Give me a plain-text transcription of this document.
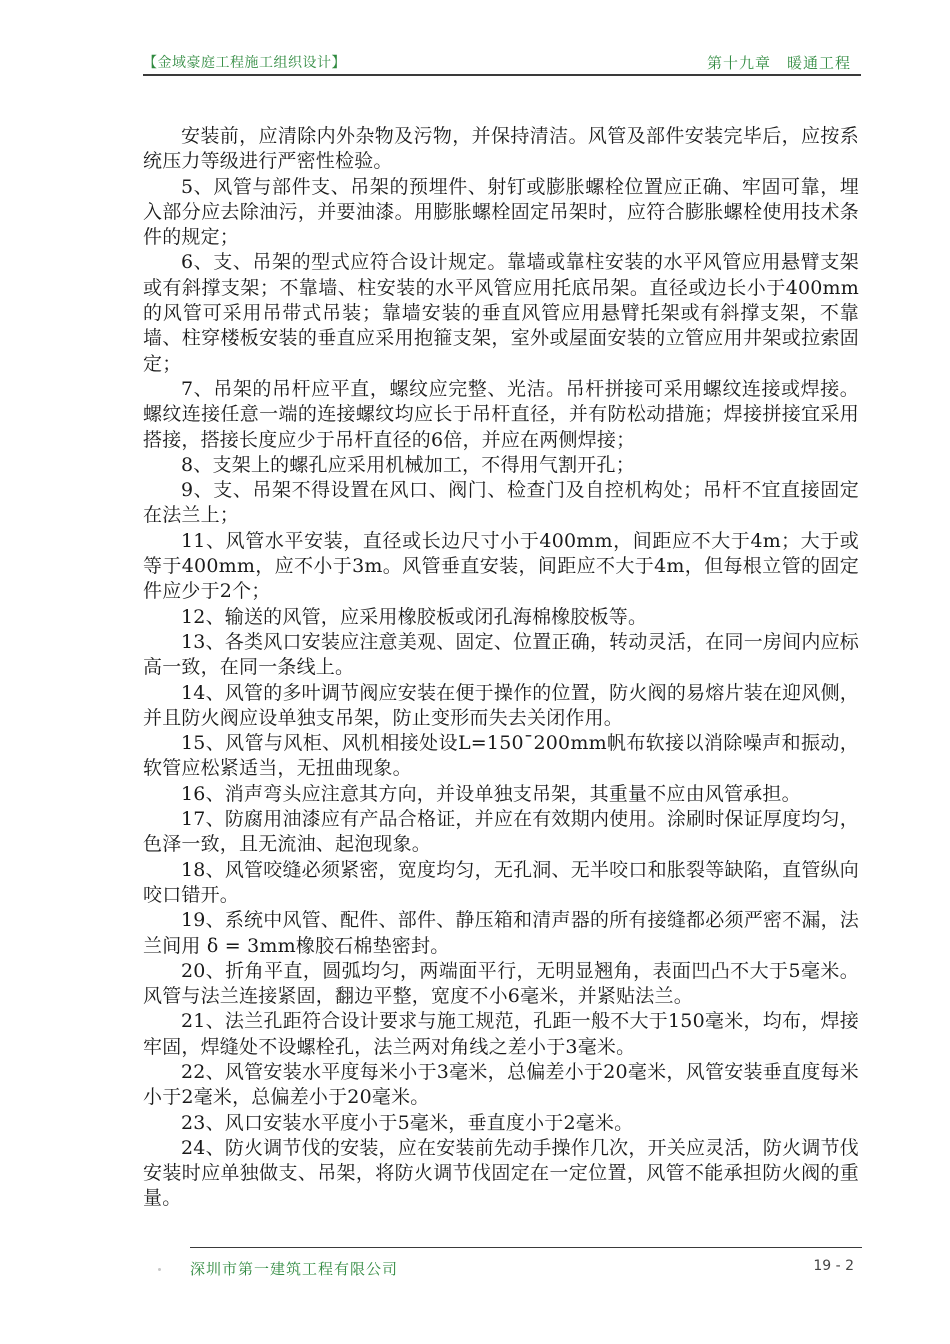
【金域豪庭工程施工组织设计】	第十九章　暖通工程

安装前，应清除内外杂物及污物，并保持清洁。风管及部件安装完毕后，应按系统压力等级进行严密性检验。

5、风管与部件支、吊架的预埋件、射钉或膨胀螺栓位置应正确、牢固可靠，埋入部分应去除油污，并要油漆。用膨胀螺栓固定吊架时，应符合膨胀螺栓使用技术条件的规定；

6、支、吊架的型式应符合设计规定。靠墙或靠柱安装的水平风管应用悬臂支架或有斜撑支架；不靠墙、柱安装的水平风管应用托底吊架。直径或边长小于400mm的风管可采用吊带式吊装；靠墙安装的垂直风管应用悬臂托架或有斜撑支架，不靠墙、柱穿楼板安装的垂直应采用抱箍支架，室外或屋面安装的立管应用井架或拉索固定；

7、吊架的吊杆应平直，螺纹应完整、光洁。吊杆拼接可采用螺纹连接或焊接。螺纹连接任意一端的连接螺纹均应长于吊杆直径，并有防松动措施；焊接拼接宜采用搭接，搭接长度应少于吊杆直径的6倍，并应在两侧焊接；

8、支架上的螺孔应采用机械加工，不得用气割开孔；

9、支、吊架不得设置在风口、阀门、检查门及自控机构处；吊杆不宜直接固定在法兰上；

11、风管水平安装，直径或长边尺寸小于400mm，间距应不大于4m；大于或等于400mm，应不小于3m。风管垂直安装，间距应不大于4m，但每根立管的固定件应少于2个；

12、输送的风管，应采用橡胶板或闭孔海棉橡胶板等。

13、各类风口安装应注意美观、固定、位置正确，转动灵活，在同一房间内应标高一致，在同一条线上。

14、风管的多叶调节阀应安装在便于操作的位置，防火阀的易熔片装在迎风侧，并且防火阀应设单独支吊架，防止变形而失去关闭作用。

15、风管与风柜、风机相接处设L=150¯200mm帆布软接以消除噪声和振动，软管应松紧适当，无扭曲现象。

16、消声弯头应注意其方向，并设单独支吊架，其重量不应由风管承担。

17、防腐用油漆应有产品合格证，并应在有效期内使用。涂刷时保证厚度均匀，色泽一致，且无流油、起泡现象。

18、风管咬缝必须紧密，宽度均匀，无孔洞、无半咬口和胀裂等缺陷，直管纵向咬口错开。

19、系统中风管、配件、部件、静压箱和清声器的所有接缝都必须严密不漏，法兰间用 δ = 3mm橡胶石棉垫密封。

20、折角平直，圆弧均匀，两端面平行，无明显翘角，表面凹凸不大于5毫米。风管与法兰连接紧固，翻边平整，宽度不小6毫米，并紧贴法兰。

21、法兰孔距符合设计要求与施工规范，孔距一般不大于150毫米，均布，焊接牢固，焊缝处不设螺栓孔，法兰两对角线之差小于3毫米。

22、风管安装水平度每米小于3毫米，总偏差小于20毫米，风管安装垂直度每米小于2毫米，总偏差小于20毫米。

23、风口安装水平度小于5毫米，垂直度小于2毫米。

24、防火调节伐的安装，应在安装前先动手操作几次，开关应灵活，防火调节伐安装时应单独做支、吊架，将防火调节伐固定在一定位置，风管不能承担防火阀的重量。

深圳市第一建筑工程有限公司	19 - 2
